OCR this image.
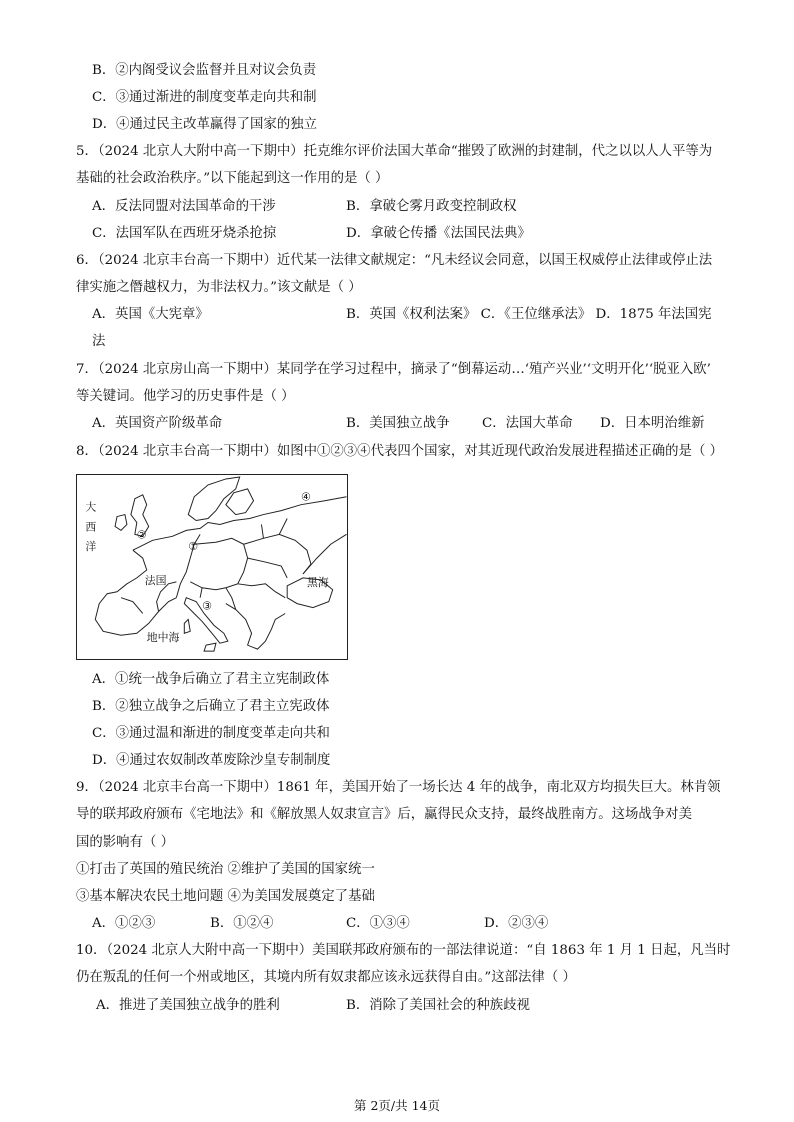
B．②内阁受议会监督并且对议会负责
C．③通过渐进的制度变革走向共和制
D．④通过民主改革赢得了国家的独立
5．（2024 北京人大附中高一下期中）托克维尔评价法国大革命“摧毁了欧洲的封建制，代之以以人人平等为
基础的社会政治秩序。”以下能起到这一作用的是（ ）
A．反法同盟对法国革命的干涉	B．拿破仑雾月政变控制政权
C．法国军队在西班牙烧杀抢掠	D．拿破仑传播《法国民法典》
6．（2024 北京丰台高一下期中）近代某一法律文献规定：“凡未经议会同意，以国王权威停止法律或停止法
律实施之僭越权力，为非法权力。”该文献是（ ）
A．英国《大宪章》	B．英国《权利法案》 C．《王位继承法》 D．1875 年法国宪
法
7．（2024 北京房山高一下期中）某同学在学习过程中，摘录了“倒幕运动…‘殖产兴业’‘文明开化’‘脱亚入欧’
等关键词。他学习的历史事件是（ ）
A．英国资产阶级革命	B．美国独立战争 C．法国大革命 D．日本明治维新
8．（2024 北京丰台高一下期中）如图中①②③④代表四个国家，对其近现代政治发展进程描述正确的是（ ）
大
西
洋
法国	黑海
地中海
①
②
③
④
A．①统一战争后确立了君主立宪制政体
B．②独立战争之后确立了君主立宪政体
C．③通过温和渐进的制度变革走向共和
D．④通过农奴制改革废除沙皇专制制度
9．（2024 北京丰台高一下期中）1861 年，美国开始了一场长达 4 年的战争，南北双方均损失巨大。林肯领
导的联邦政府颁布《宅地法》和《解放黑人奴隶宣言》后，赢得民众支持，最终战胜南方。这场战争对美
国的影响有（ ）
①打击了英国的殖民统治 ②维护了美国的国家统一
③基本解决农民土地问题 ④为美国发展奠定了基础
A．①②③	B．①②④	C．①③④	D．②③④
10．（2024 北京人大附中高一下期中）美国联邦政府颁布的一部法律说道：“自 1863 年 1 月 1 日起，凡当时
仍在叛乱的任何一个州或地区，其境内所有奴隶都应该永远获得自由。”这部法律（ ）
A．推进了美国独立战争的胜利	B．消除了美国社会的种族歧视
第 2页/共 14页
